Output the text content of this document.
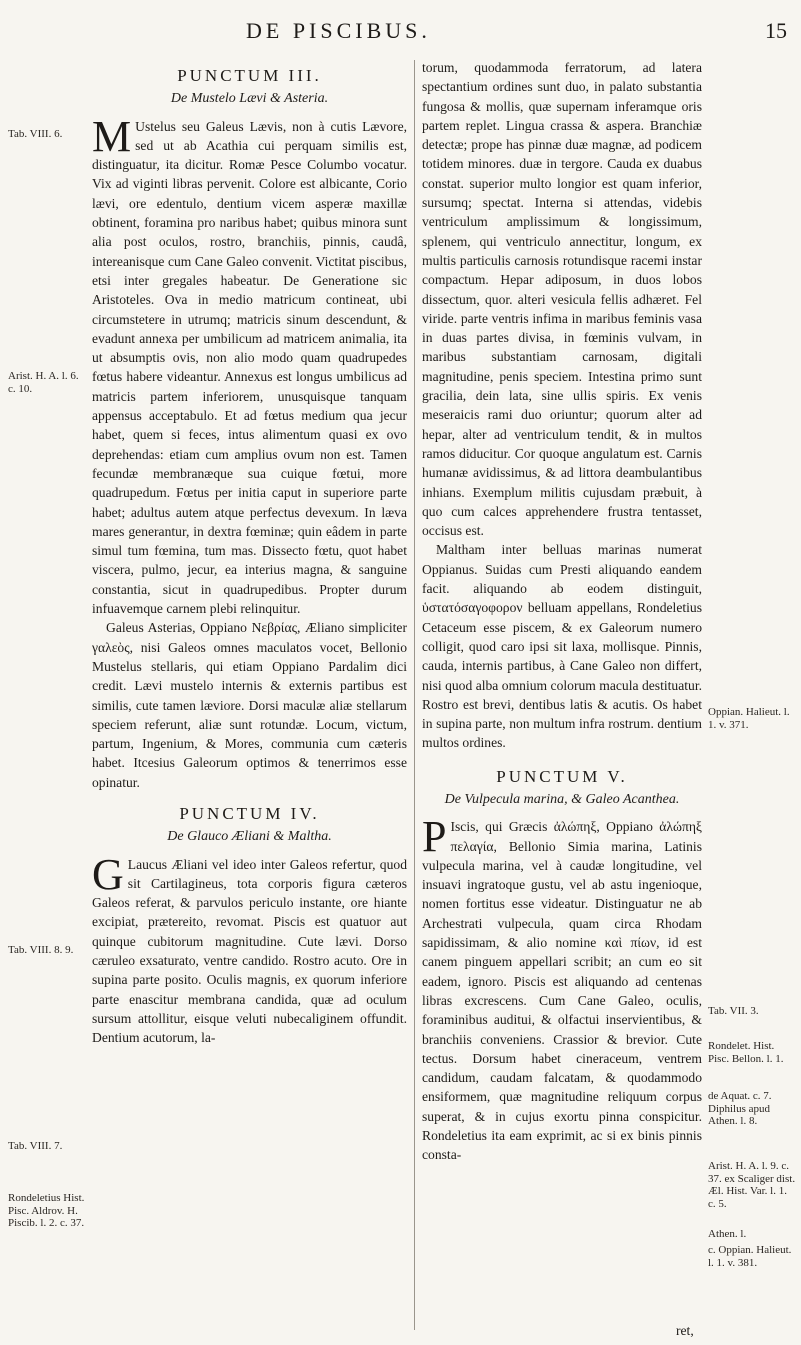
DE PISCIBUS.	15
PUNCTUM III.
De Mustelo Lævi & Asteria.

M Ustelus seu Galeus Lævis, non à cutis Lævore, sed ut ab Acathia cui perquam similis est, distinguatur, ita dicitur. Romæ Pesce Columbo vocatur. Vix ad viginti libras pervenit. Colore est albicante, Corio lævi, ore edentulo, dentium vicem asperæ maxillæ obtinent, foramina pro naribus habet; quibus minora sunt alia post oculos, rostro, branchiis, pinnis, caudâ, intereanisque cum Cane Galeo convenit. Victitat piscibus, etsi inter gregales habeatur. De Generatione sic Aristoteles. Ova in medio matricum contineat, ubi circumstetere in utrumq; matricis sinum descendunt, & evadunt annexa per umbilicum ad matricem animalia, ita ut absumptis ovis, non alio modo quam quadrupedes fœtus habere videantur. Annexus est longus umbilicus ad matricis partem inferiorem, unusquisque tanquam appensus acceptabulo. Et ad fœtus medium qua jecur habet, quem si feces, intus alimentum quasi ex ovo deprehendas: etiam cum amplius ovum non est. Tamen fecundæ membranæque sua cuique fœtui, more quadrupedum. Fœtus per initia caput in superiore parte habet; adultus autem atque perfectus devexum. In læva mares generantur, in dextra fœminæ; quin eâdem in parte simul tum fœmina, tum mas. Dissecto fœtu, quot habet viscera, pulmo, jecur, ea interius magna, & sanguine constantia, sicut in quadrupedibus. Propter durum infuavemque carnem plebi relinquitur.

Galeus Asterias, Oppiano Νεβρίας, Æliano simpliciter γαλεὸς, nisi Galeos omnes maculatos vocet, Bellonio Mustelus stellaris, qui etiam Oppiano Pardalim dici credit. Lævi mustelo internis & externis partibus est similis, cute tamen læviore. Dorsi maculæ aliæ stellarum speciem referunt, aliæ sunt rotundæ. Locum, victum, partum, Ingenium, & Mores, communia cum cæteris habet. Itcesius Galeorum optimos & tenerrimos esse opinatur.

PUNCTUM IV.
De Glauco Æliani & Maltha.

G Laucus Æliani vel ideo inter Galeos refertur, quod sit Cartilagineus, tota corporis figura cæteros Galeos referat, & parvulos periculo instante, ore hiante excipiat, prætereito, revomat. Piscis est quatuor aut quinque cubitorum magnitudine. Cute lævi. Dorso cæruleo exsaturato, ventre candido. Rostro acuto. Ore in supina parte posito. Oculis magnis, ex quorum inferiore parte enascitur membrana candida, quæ ad oculum sursum attollitur, eisque veluti nubecaliginem offundit. Dentium acutorum, la-

torum, quodammoda ferratorum, ad latera spectantium ordines sunt duo, in palato substantia fungosa & mollis, quæ supernam inferamque oris partem replet. Lingua crassa & aspera. Branchiæ detectæ; prope has pinnæ duæ magnæ, ad podicem totidem minores. duæ in tergore. Cauda ex duabus constat. superior multo longior est quam inferior, sursumq; spectat. Interna si attendas, videbis ventriculum amplissimum & longissimum, splenem, qui ventriculo annectitur, longum, ex multis particulis carnosis rotundisque racemi instar compactum. Hepar adiposum, in duos lobos dissectum, quor. alteri vesicula fellis adhæret. Fel viride. parte ventris infima in maribus feminis vasa in duas partes divisa, in fœminis vulvam, in maribus substantiam carnosam, digitali magnitudine, penis speciem. Intestina primo sunt gracilia, dein lata, sine ullis spiris. Ex venis meseraicis rami duo oriuntur; quorum alter ad hepar, alter ad ventriculum tendit, & in multos ramos diducitur. Cor quoque angulatum est. Carnis humanæ avidissimus, & ad littora deambulantibus inhians. Exemplum militis cujusdam præbuit, à quo cum calces apprehendere frustra tentasset, occisus est.

Maltham inter belluas marinas numerat Oppianus. Suidas cum Presti aliquando eandem facit. aliquando ab eodem distinguit, ὑστατόσαγοφορον belluam appellans, Rondeletius Cetaceum esse piscem, & ex Galeorum numero colligit, quod caro ipsi sit laxa, mollisque. Pinnis, cauda, internis partibus, à Cane Galeo non differt, nisi quod alba omnium colorum macula destituatur. Rostro est brevi, dentibus latis & acutis. Os habet in supina parte, non multum infra rostrum. dentium multos ordines.

PUNCTUM V.
De Vulpecula marina, & Galeo Acanthea.

P Iscis, qui Græcis ἀλώπηξ, Oppiano ἀλώπηξ πελαγία, Bellonio Simia marina, Latinis vulpecula marina, vel à caudæ longitudine, vel insuavi ingratoque gustu, vel ab astu ingenioque, nomen fortitus esse videatur. Distinguatur ne ab Archestrati vulpecula, quam circa Rhodam sapidissimam, & alio nomine καὶ πίων, id est canem pinguem appellari scribit; an cum eo sit eadem, ignoro. Piscis est aliquando ad centenas libras excrescens. Cum Cane Galeo, oculis, foraminibus auditui, & olfactui inservientibus, & branchiis conveniens. Crassior & brevior. Cute tectus. Dorsum habet cineraceum, ventrem candidum, caudam falcatam, & quodammodo ensiformem, quæ magnitudine reliquum corpus superat, & in cujus exortu pinna conspicitur. Rondeletius ita eam exprimit, ac si ex binis pinnis consta-

Tab. VIII. 6.
Arist. H. A. l. 6. c. 10.
Tab. VIII. 8. 9.
Tab. VIII. 7.
Rondeletius Hist. Pisc. Aldrov. H. Piscib. l. 2. c. 37.
Oppian. Halieut. l. 1. v. 371.
Tab. VII. 3.
Rondelet. Hist. Pisc. Bellon. l. 1.
de Aquat. c. 7. Diphilus apud Athen. l. 8.
Arist. H. A. l. 9. c. 37. ex Scaliger dist. Æl. Hist. Var. l. 1. c. 5.
Athen. l.
c. Oppian. Halieut. l. 1. v. 381.
ret,
